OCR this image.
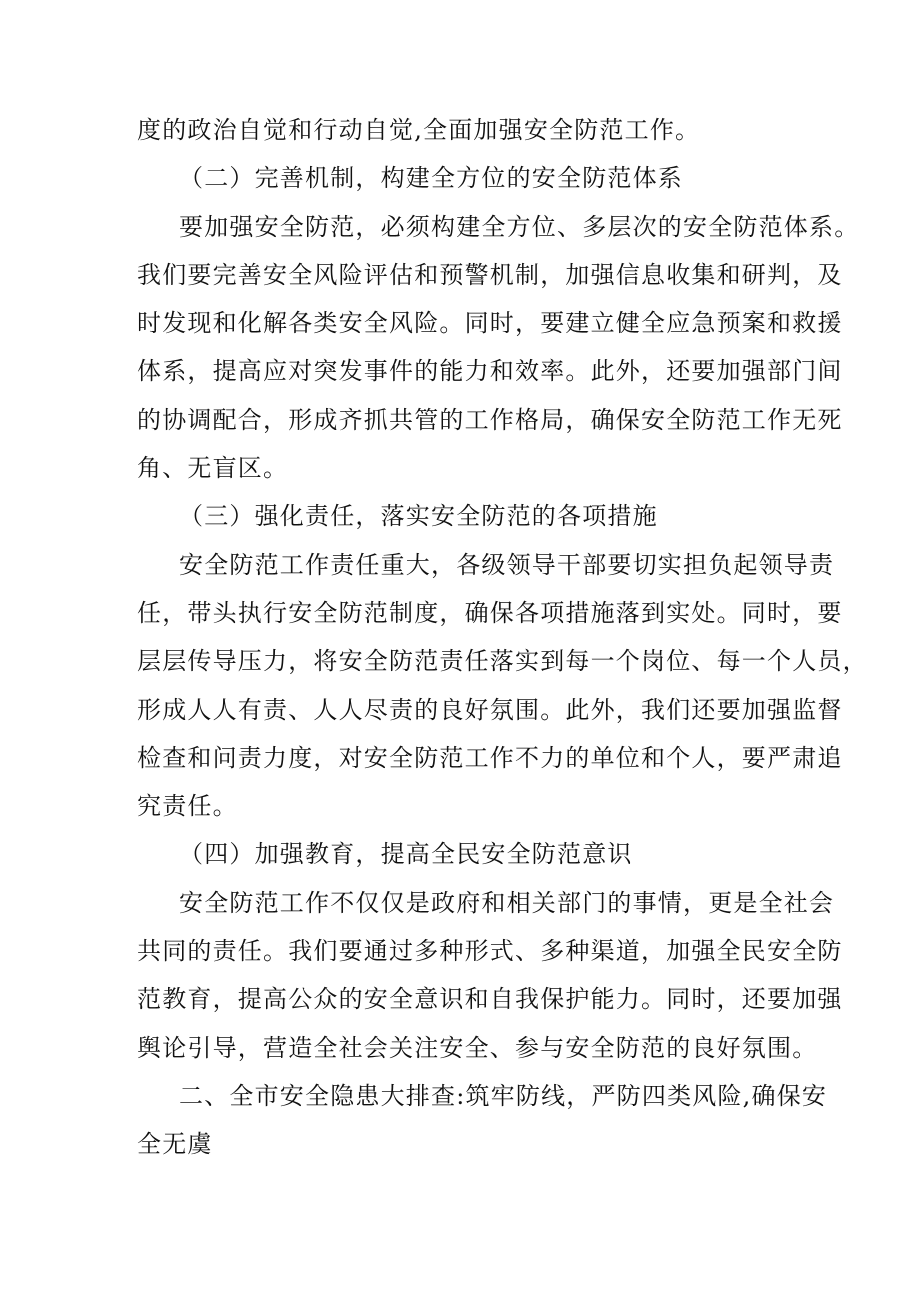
度的政治自觉和行动自觉,全面加强安全防范工作。
（二）完善机制，构建全方位的安全防范体系
要加强安全防范，必须构建全方位、多层次的安全防范体系。
我们要完善安全风险评估和预警机制，加强信息收集和研判，及
时发现和化解各类安全风险。同时，要建立健全应急预案和救援
体系，提高应对突发事件的能力和效率。此外，还要加强部门间
的协调配合，形成齐抓共管的工作格局，确保安全防范工作无死
角、无盲区。
（三）强化责任，落实安全防范的各项措施
安全防范工作责任重大，各级领导干部要切实担负起领导责
任，带头执行安全防范制度，确保各项措施落到实处。同时，要
层层传导压力，将安全防范责任落实到每一个岗位、每一个人员，
形成人人有责、人人尽责的良好氛围。此外，我们还要加强监督
检查和问责力度，对安全防范工作不力的单位和个人，要严肃追
究责任。
（四）加强教育，提高全民安全防范意识
安全防范工作不仅仅是政府和相关部门的事情，更是全社会
共同的责任。我们要通过多种形式、多种渠道，加强全民安全防
范教育，提高公众的安全意识和自我保护能力。同时，还要加强
舆论引导，营造全社会关注安全、参与安全防范的良好氛围。
二、全市安全隐患大排查:筑牢防线，严防四类风险,确保安
全无虞
